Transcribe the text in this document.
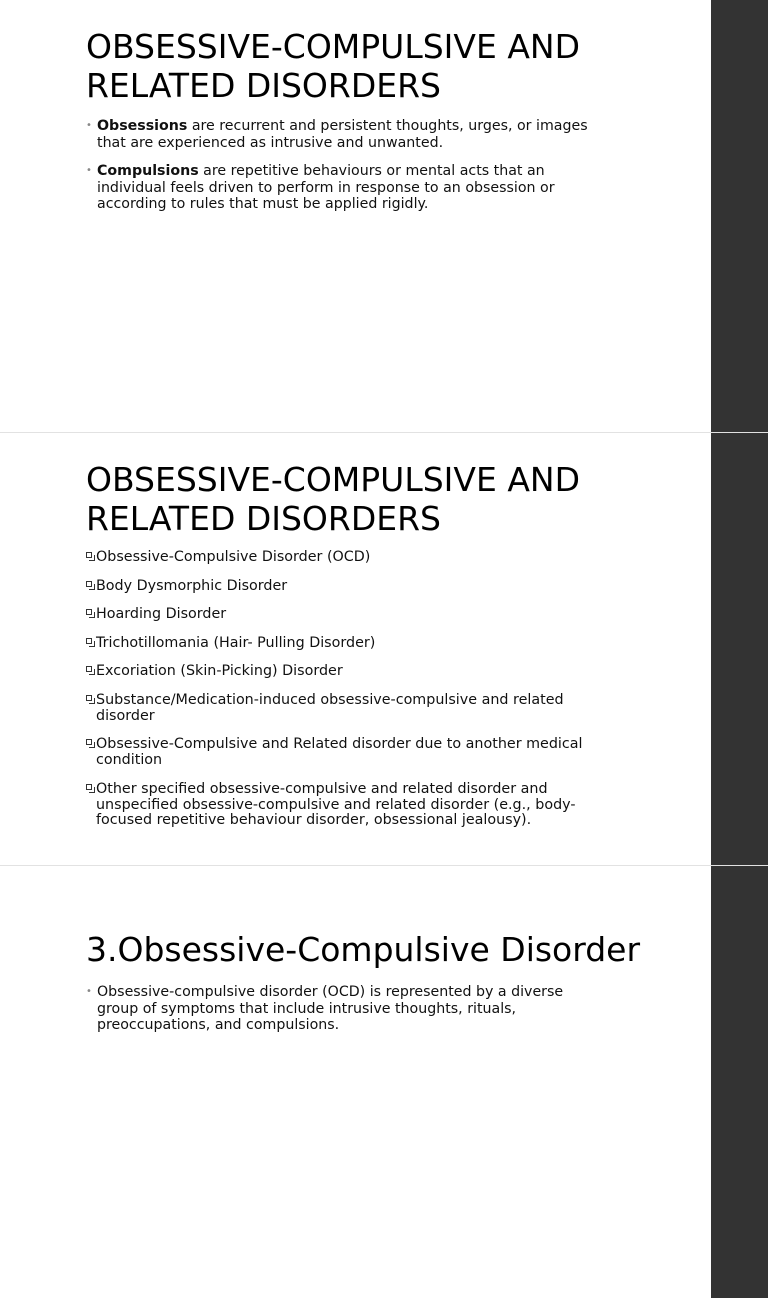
OBSESSIVE-COMPULSIVE AND RELATED DISORDERS
• Obsessions are recurrent and persistent thoughts, urges, or images that are experienced as intrusive and unwanted.
• Compulsions are repetitive behaviours or mental acts that an individual feels driven to perform in response to an obsession or according to rules that must be applied rigidly.
OBSESSIVE-COMPULSIVE AND RELATED DISORDERS
Obsessive-Compulsive Disorder (OCD)
Body Dysmorphic Disorder
Hoarding Disorder
Trichotillomania (Hair- Pulling Disorder)
Excoriation (Skin-Picking) Disorder
Substance/Medication-induced obsessive-compulsive and related disorder
Obsessive-Compulsive and Related disorder due to another medical condition
Other specified obsessive-compulsive and related disorder and unspecified obsessive-compulsive and related disorder (e.g., body-focused repetitive behaviour disorder, obsessional jealousy).
3.Obsessive-Compulsive Disorder
• Obsessive-compulsive disorder (OCD) is represented by a diverse group of symptoms that include intrusive thoughts, rituals, preoccupations, and compulsions.
